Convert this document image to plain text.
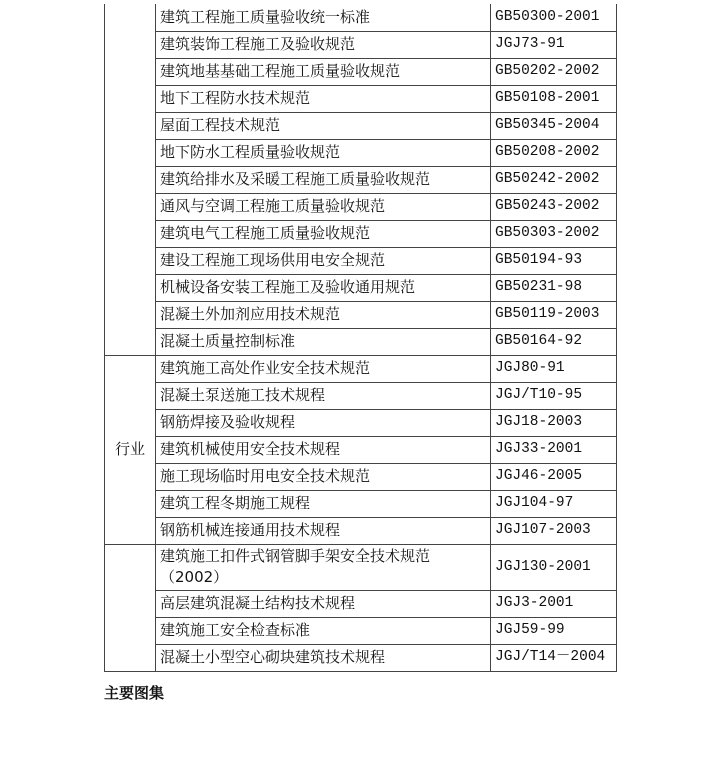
	建筑工程施工质量验收统一标准	GB50300-2001
	建筑装饰工程施工及验收规范	JGJ73-91
	建筑地基基础工程施工质量验收规范	GB50202-2002
	地下工程防水技术规范	GB50108-2001
	屋面工程技术规范	GB50345-2004
	地下防水工程质量验收规范	GB50208-2002
	建筑给排水及采暖工程施工质量验收规范	GB50242-2002
	通风与空调工程施工质量验收规范	GB50243-2002
	建筑电气工程施工质量验收规范	GB50303-2002
	建设工程施工现场供用电安全规范	GB50194-93
	机械设备安装工程施工及验收通用规范	GB50231-98
	混凝土外加剂应用技术规范	GB50119-2003
	混凝土质量控制标准	GB50164-92
行业	建筑施工高处作业安全技术规范	JGJ80-91
	混凝土泵送施工技术规程	JGJ/T10-95
	钢筋焊接及验收规程	JGJ18-2003
	建筑机械使用安全技术规程	JGJ33-2001
	施工现场临时用电安全技术规范	JGJ46-2005
	建筑工程冬期施工规程	JGJ104-97
	钢筋机械连接通用技术规程	JGJ107-2003
	建筑施工扣件式钢管脚手架安全技术规范（2002）	JGJ130-2001
	高层建筑混凝土结构技术规程	JGJ3-2001
	建筑施工安全检查标准	JGJ59-99
	混凝土小型空心砌块建筑技术规程	JGJ/T14－2004
主要图集
